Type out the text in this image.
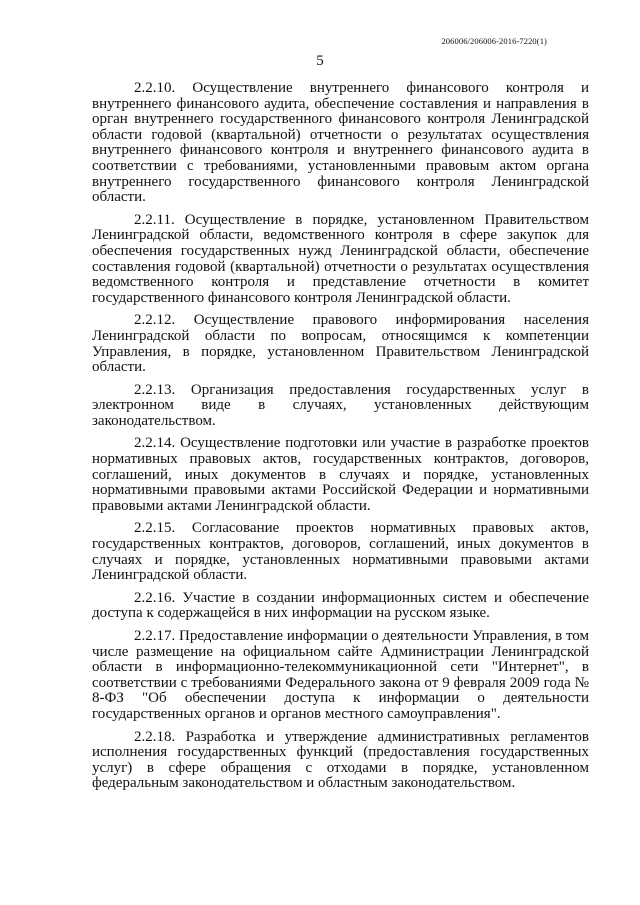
206006/206006-2016-7220(1)
5

2.2.10. Осуществление внутреннего финансового контроля и внутреннего финансового аудита, обеспечение составления и направления в орган внутреннего государственного финансового контроля Ленинградской области годовой (квартальной) отчетности о результатах осуществления внутреннего финансового контроля и внутреннего финансового аудита в соответствии с требованиями, установленными правовым актом органа внутреннего государственного финансового контроля Ленинградской области.

2.2.11. Осуществление в порядке, установленном Правительством Ленинградской области, ведомственного контроля в сфере закупок для обеспечения государственных нужд Ленинградской области, обеспечение составления годовой (квартальной) отчетности о результатах осуществления ведомственного контроля и представление отчетности в комитет государственного финансового контроля Ленинградской области.

2.2.12. Осуществление правового информирования населения Ленинградской области по вопросам, относящимся к компетенции Управления, в порядке, установленном Правительством Ленинградской области.

2.2.13. Организация предоставления государственных услуг в электронном виде в случаях, установленных действующим законодательством.

2.2.14. Осуществление подготовки или участие в разработке проектов нормативных правовых актов, государственных контрактов, договоров, соглашений, иных документов в случаях и порядке, установленных нормативными правовыми актами Российской Федерации и нормативными правовыми актами Ленинградской области.

2.2.15. Согласование проектов нормативных правовых актов, государственных контрактов, договоров, соглашений, иных документов в случаях и порядке, установленных нормативными правовыми актами Ленинградской области.

2.2.16. Участие в создании информационных систем и обеспечение доступа к содержащейся в них информации на русском языке.

2.2.17. Предоставление информации о деятельности Управления, в том числе размещение на официальном сайте Администрации Ленинградской области в информационно-телекоммуникационной сети "Интернет", в соответствии с требованиями Федерального закона от 9 февраля 2009 года № 8-ФЗ "Об обеспечении доступа к информации о деятельности государственных органов и органов местного самоуправления".

2.2.18. Разработка и утверждение административных регламентов исполнения государственных функций (предоставления государственных услуг) в сфере обращения с отходами в порядке, установленном федеральным законодательством и областным законодательством.
